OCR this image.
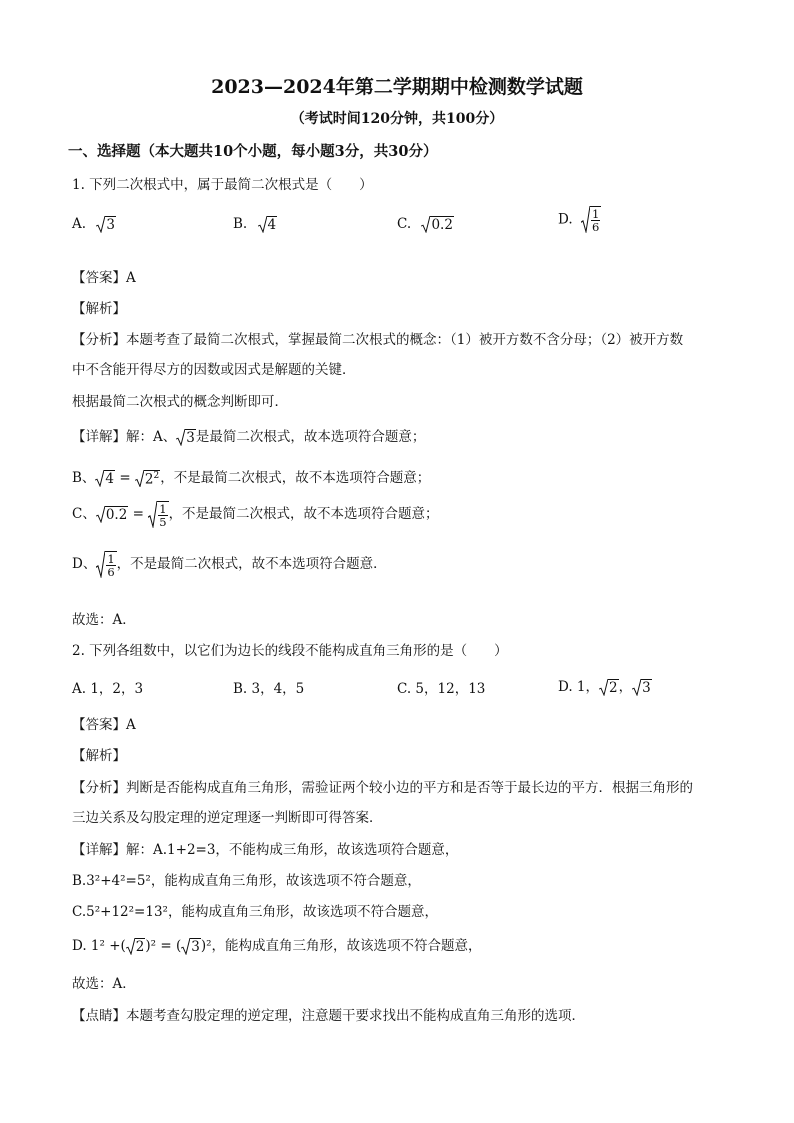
2023—2024年第二学期期中检测数学试题
（考试时间120分钟，共100分）
一、选择题（本大题共10个小题，每小题3分，共30分）
1. 下列二次根式中，属于最简二次根式是（　　）
A. 3	B. 4	C. 0.2	D. $\frac{1}{6}$
【答案】A
【解析】
【分析】本题考查了最简二次根式，掌握最简二次根式的概念：（1）被开方数不含分母；（2）被开方数
中不含能开得尽方的因数或因式是解题的关键．
根据最简二次根式的概念判断即可．
【详解】解：A、 3 是最简二次根式，故本选项符合题意；
B、 $4 = 2^2$ ，不是最简二次根式，故不本选项符合题意；
C、 $0.2 = \frac{1}{5}$ ，不是最简二次根式，故不本选项符合题意；
D、 $\frac{1}{6}$ ，不是最简二次根式，故不本选项符合题意．
故选：A．
2. 下列各组数中，以它们为边长的线段不能构成直角三角形的是（　　）
A. 1，2，3	B. 3，4，5	C. 5，12，13	D. 1， 2 ， 3
【答案】A
【解析】
【分析】判断是否能构成直角三角形，需验证两个较小边的平方和是否等于最长边的平方．根据三角形的
三边关系及勾股定理的逆定理逐一判断即可得答案．
【详解】解：A.1+2=3，不能构成三角形，故该选项符合题意，
B.3²+4²=5²，能构成直角三角形，故该选项不符合题意，
C.5²+12²=13²，能构成直角三角形，故该选项不符合题意，
D. 1² +( 2 )² = ( 3 )²，能构成直角三角形，故该选项不符合题意，
故选：A．
【点睛】本题考查勾股定理的逆定理，注意题干要求找出不能构成直角三角形的选项．
